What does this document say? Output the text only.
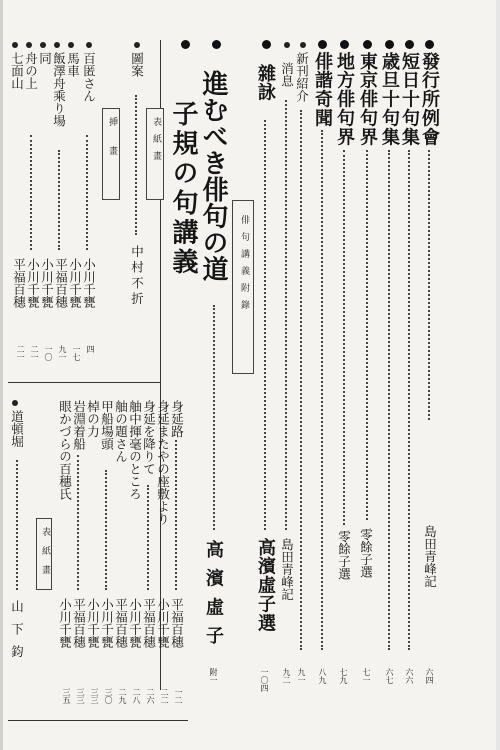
發行所例會
島田青峰記
六四
短日十句集
六六
歳旦十句集
六七
東京俳句界
零餘子選
七一
地方俳句界
零餘子選
七九
俳諧奇聞
八九
新刊紹介
九一
消息
島田青峰記
九二
雜詠
高濱虛子選
一〇四
俳句講義附錄
進むべき俳句の道
高濱虛子
附一
子規の句講義
圖案
中村不折
表紙畫
挿畫
百匿さん
馬車
飯澤舟乘り場
同
舟の上
七面山
小川千甕
小川千甕
平福百穗
小川千甕
小川千甕
平福百穗
四
一七
九一
一〇
二一
二一
身延路
身延またやの座敷より
身延を降りて
舳中揮毫のところ
舳の題さん
甲船場頭
棹の力
岩淵着船
眼かづらの百穗氏
平福百穗
小川千甕
平福百穗
小川千甕
平福百穗
小川千甕
小川千甕
平福百穗
小川千甕
一二
二二
二六
二八
二九
三〇
三三
三三
三五
表紙畫
道頓堀
山下鈞
